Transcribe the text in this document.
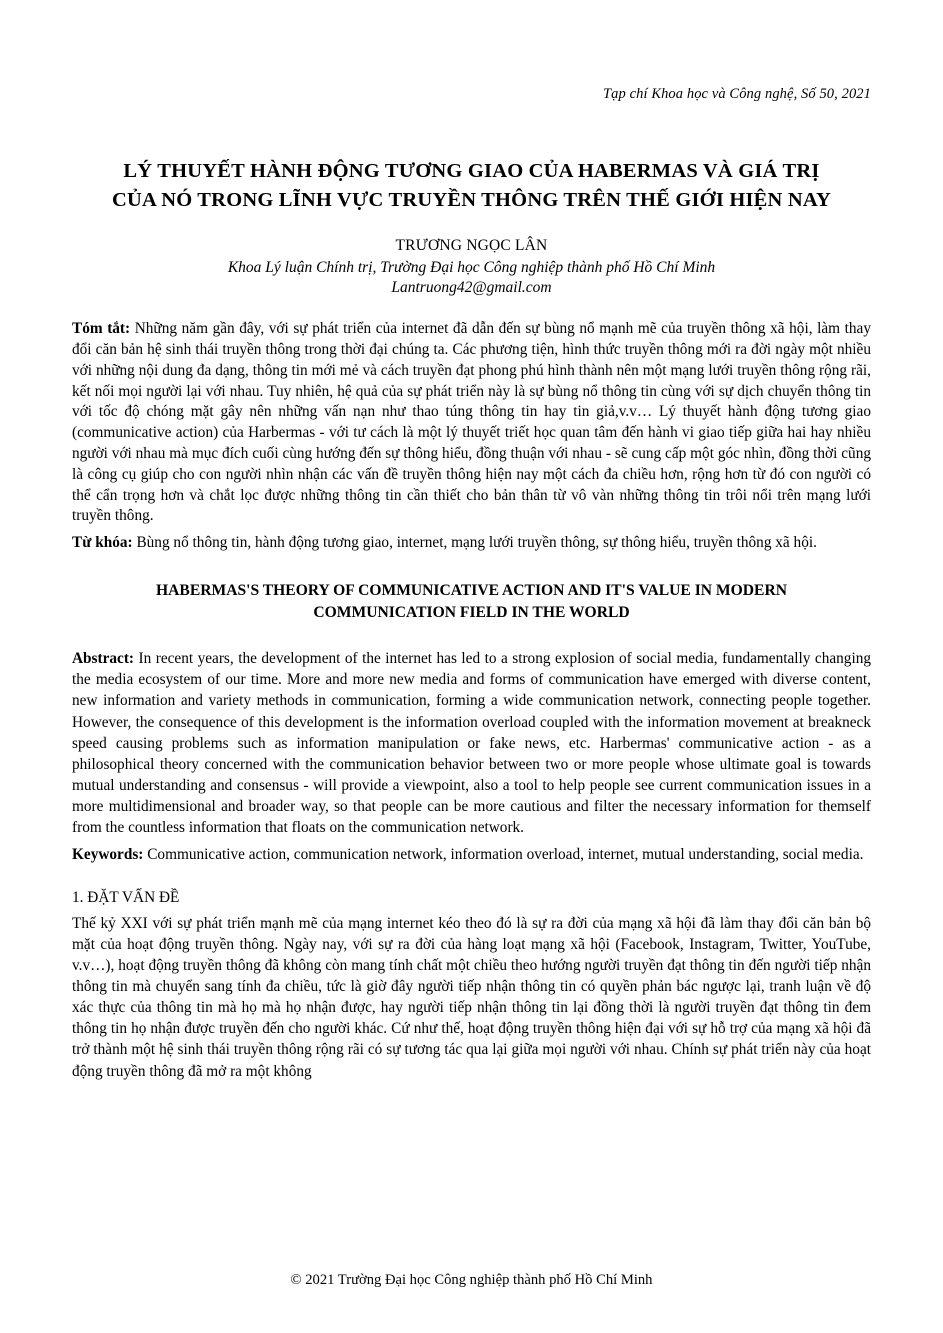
Tạp chí Khoa học và Công nghệ, Số 50, 2021
LÝ THUYẾT HÀNH ĐỘNG TƯƠNG GIAO CỦA HABERMAS VÀ GIÁ TRỊ CỦA NÓ TRONG LĨNH VỰC TRUYỀN THÔNG TRÊN THẾ GIỚI HIỆN NAY
TRƯƠNG NGỌC LÂN
Khoa Lý luận Chính trị, Trường Đại học Công nghiệp thành phố Hồ Chí Minh
Lantruong42@gmail.com

Tóm tắt: Những năm gần đây, với sự phát triển của internet đã dẫn đến sự bùng nổ mạnh mẽ của truyền thông xã hội, làm thay đổi căn bản hệ sinh thái truyền thông trong thời đại chúng ta. Các phương tiện, hình thức truyền thông mới ra đời ngày một nhiều với những nội dung đa dạng, thông tin mới mẻ và cách truyền đạt phong phú hình thành nên một mạng lưới truyền thông rộng rãi, kết nối mọi người lại với nhau. Tuy nhiên, hệ quả của sự phát triển này là sự bùng nổ thông tin cùng với sự dịch chuyển thông tin với tốc độ chóng mặt gây nên những vấn nạn như thao túng thông tin hay tin giả,v.v… Lý thuyết hành động tương giao (communicative action) của Harbermas - với tư cách là một lý thuyết triết học quan tâm đến hành vi giao tiếp giữa hai hay nhiều người với nhau mà mục đích cuối cùng hướng đến sự thông hiểu, đồng thuận với nhau - sẽ cung cấp một góc nhìn, đồng thời cũng là công cụ giúp cho con người nhìn nhận các vấn đề truyền thông hiện nay một cách đa chiều hơn, rộng hơn từ đó con người có thể cẩn trọng hơn và chắt lọc được những thông tin cần thiết cho bản thân từ vô vàn những thông tin trôi nổi trên mạng lưới truyền thông.

Từ khóa: Bùng nổ thông tin, hành động tương giao, internet, mạng lưới truyền thông, sự thông hiểu, truyền thông xã hội.

HABERMAS'S THEORY OF COMMUNICATIVE ACTION AND IT'S VALUE IN MODERN COMMUNICATION FIELD IN THE WORLD

Abstract: In recent years, the development of the internet has led to a strong explosion of social media, fundamentally changing the media ecosystem of our time. More and more new media and forms of communication have emerged with diverse content, new information and variety methods in communication, forming a wide communication network, connecting people together. However, the consequence of this development is the information overload coupled with the information movement at breakneck speed causing problems such as information manipulation or fake news, etc. Harbermas' communicative action - as a philosophical theory concerned with the communication behavior between two or more people whose ultimate goal is towards mutual understanding and consensus - will provide a viewpoint, also a tool to help people see current communication issues in a more multidimensional and broader way, so that people can be more cautious and filter the necessary information for themself from the countless information that floats on the communication network.

Keywords: Communicative action, communication network, information overload, internet, mutual understanding, social media.

1. ĐẶT VẤN ĐỀ

Thế kỷ XXI với sự phát triển mạnh mẽ của mạng internet kéo theo đó là sự ra đời của mạng xã hội đã làm thay đổi căn bản bộ mặt của hoạt động truyền thông. Ngày nay, với sự ra đời của hàng loạt mạng xã hội (Facebook, Instagram, Twitter, YouTube, v.v…), hoạt động truyền thông đã không còn mang tính chất một chiều theo hướng người truyền đạt thông tin đến người tiếp nhận thông tin mà chuyển sang tính đa chiều, tức là giờ đây người tiếp nhận thông tin có quyền phản bác ngược lại, tranh luận về độ xác thực của thông tin mà họ mà họ nhận được, hay người tiếp nhận thông tin lại đồng thời là người truyền đạt thông tin đem thông tin họ nhận được truyền đến cho người khác. Cứ như thế, hoạt động truyền thông hiện đại với sự hỗ trợ của mạng xã hội đã trở thành một hệ sinh thái truyền thông rộng rãi có sự tương tác qua lại giữa mọi người với nhau. Chính sự phát triển này của hoạt động truyền thông đã mở ra một không

© 2021 Trường Đại học Công nghiệp thành phố Hồ Chí Minh
